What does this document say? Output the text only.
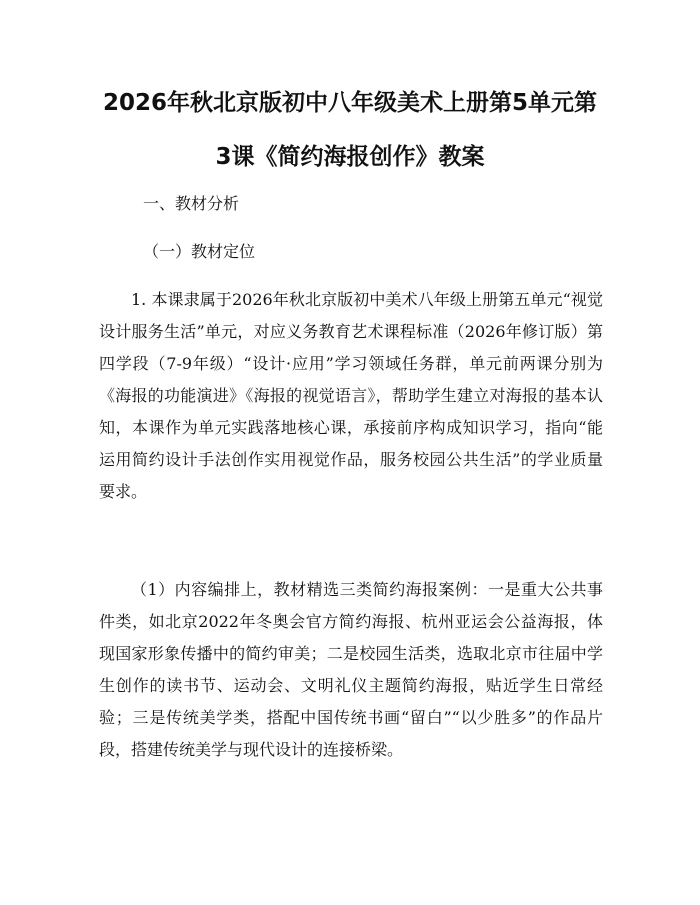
2026年秋北京版初中八年级美术上册第5单元第3课《简约海报创作》教案

一、教材分析

（一）教材定位

1. 本课隶属于2026年秋北京版初中美术八年级上册第五单元“视觉设计服务生活”单元，对应义务教育艺术课程标准（2026年修订版）第四学段（7-9年级）“设计·应用”学习领域任务群，单元前两课分别为《海报的功能演进》《海报的视觉语言》，帮助学生建立对海报的基本认知，本课作为单元实践落地核心课，承接前序构成知识学习，指向“能运用简约设计手法创作实用视觉作品，服务校园公共生活”的学业质量要求。

（1）内容编排上，教材精选三类简约海报案例：一是重大公共事件类，如北京2022年冬奥会官方简约海报、杭州亚运会公益海报，体现国家形象传播中的简约审美；二是校园生活类，选取北京市往届中学生创作的读书节、运动会、文明礼仪主题简约海报，贴近学生日常经验；三是传统美学类，搭配中国传统书画“留白”“以少胜多”的作品片段，搭建传统美学与现代设计的连接桥梁。
